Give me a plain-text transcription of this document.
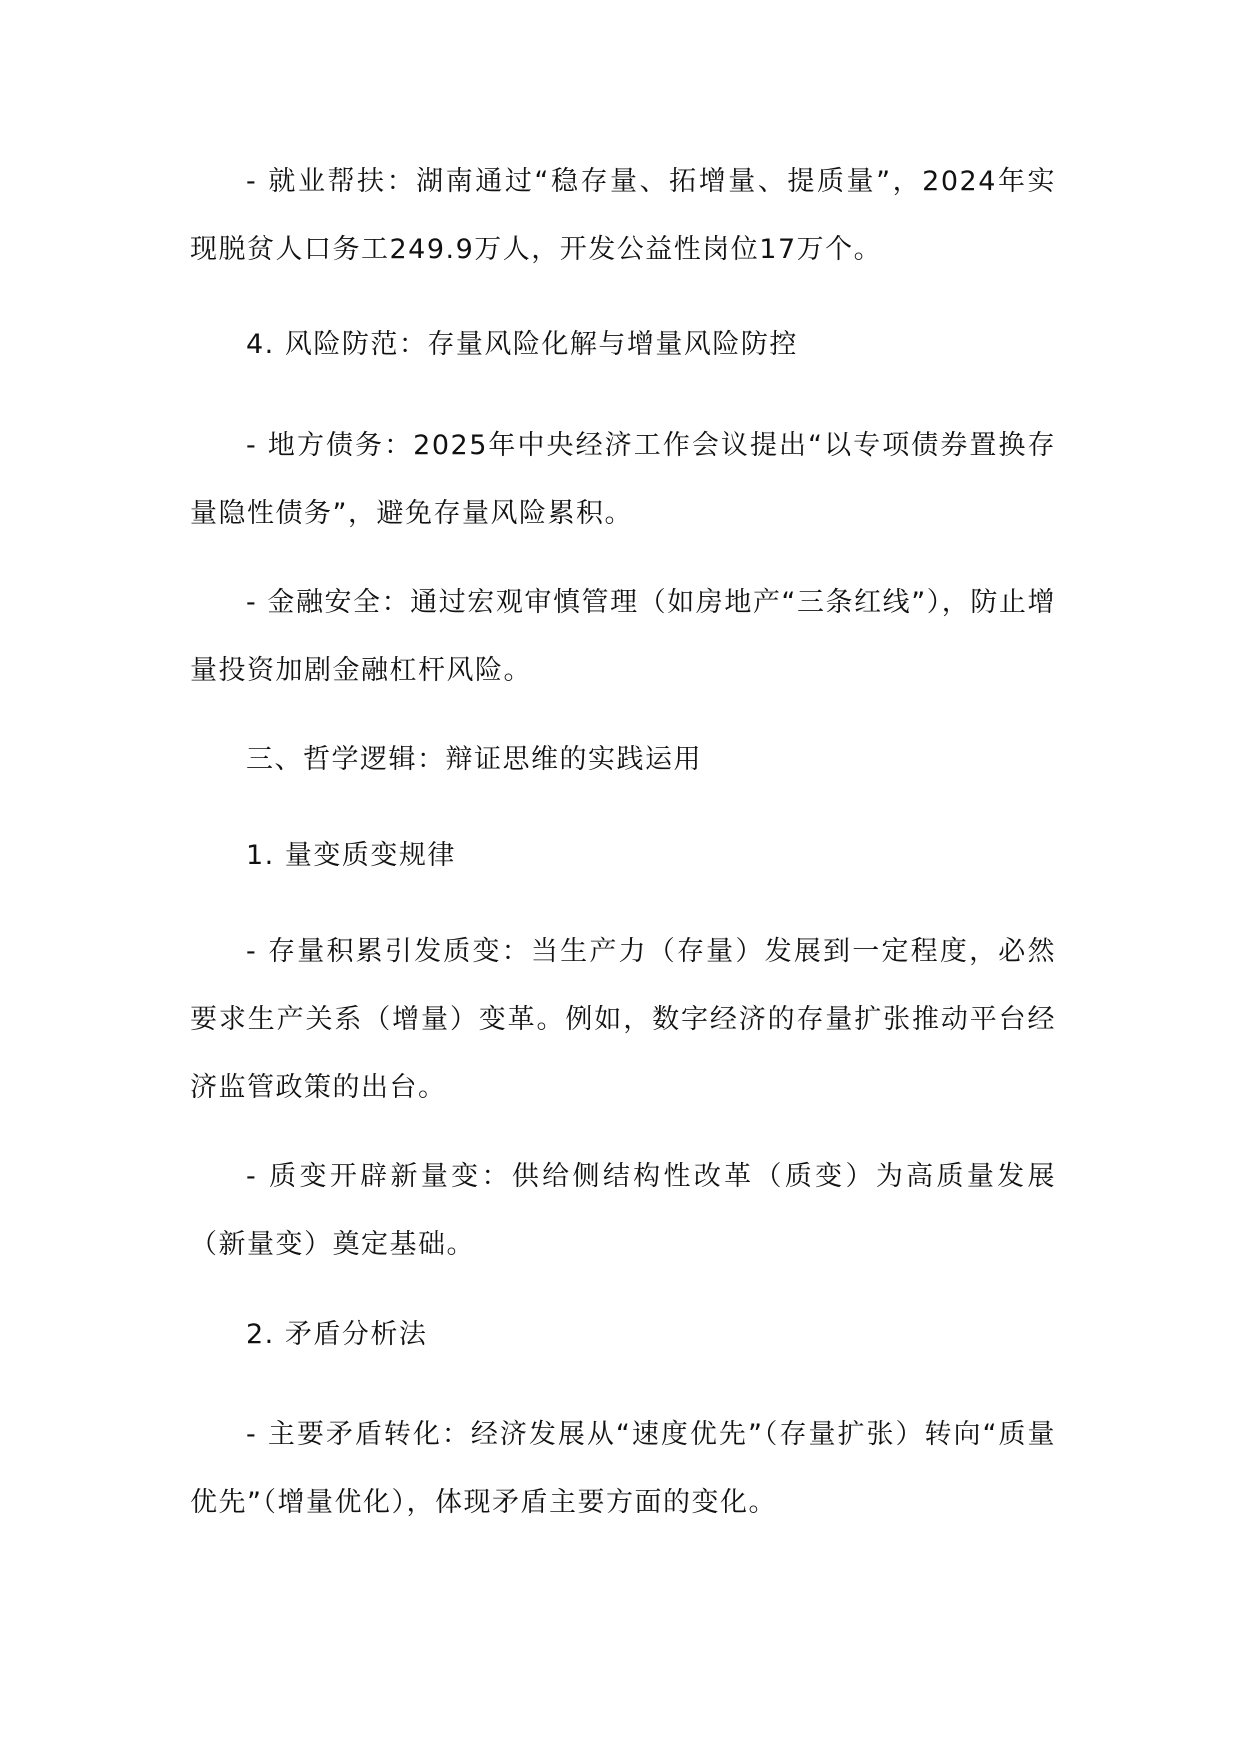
- 就业帮扶：湖南通过“稳存量、拓增量、提质量”，2024年实现脱贫人口务工249.9万人，开发公益性岗位17万个。

4. 风险防范：存量风险化解与增量风险防控

- 地方债务：2025年中央经济工作会议提出“以专项债券置换存量隐性债务”，避免存量风险累积。

- 金融安全：通过宏观审慎管理（如房地产“三条红线”），防止增量投资加剧金融杠杆风险。

三、哲学逻辑：辩证思维的实践运用

1. 量变质变规律

- 存量积累引发质变：当生产力（存量）发展到一定程度，必然要求生产关系（增量）变革。例如，数字经济的存量扩张推动平台经济监管政策的出台。

- 质变开辟新量变：供给侧结构性改革（质变）为高质量发展（新量变）奠定基础。

2. 矛盾分析法

- 主要矛盾转化：经济发展从“速度优先”（存量扩张）转向“质量优先”（增量优化），体现矛盾主要方面的变化。
